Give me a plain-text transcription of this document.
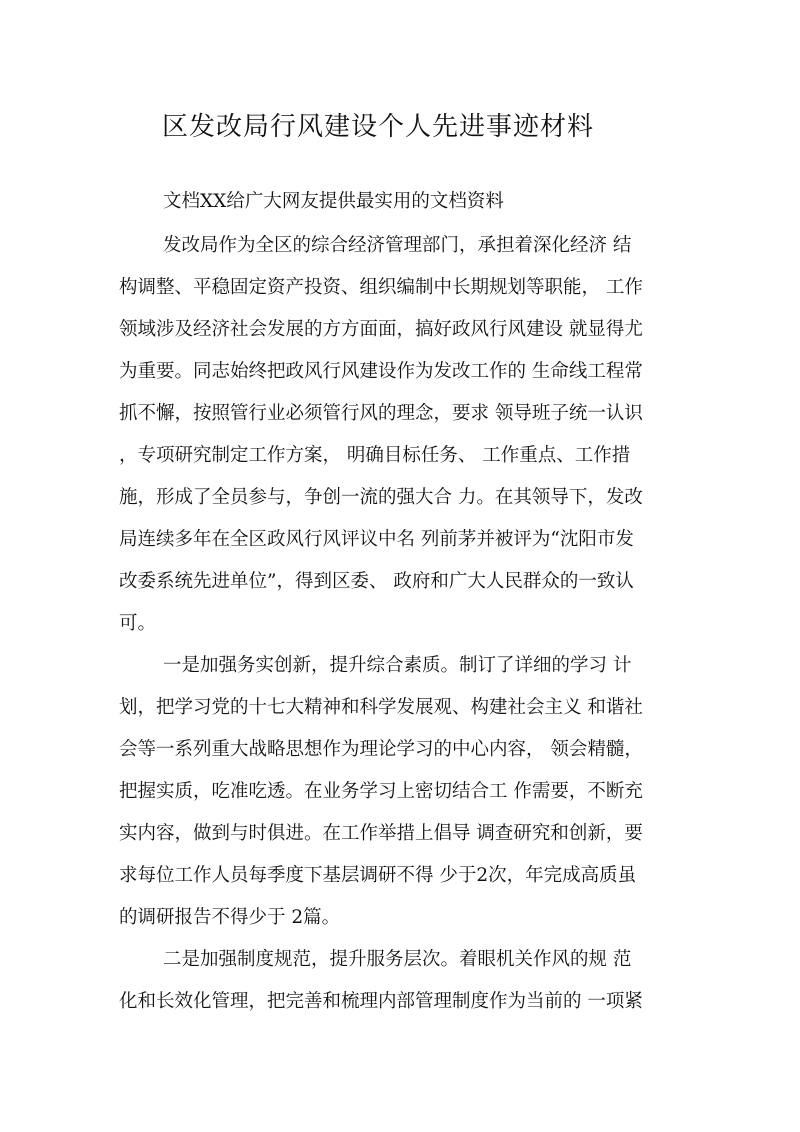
区发改局行风建设个人先进事迹材料
文档XX给广大网友提供最实用的文档资料
发改局作为全区的综合经济管理部门，承担着深化经济 结
构调整、平稳固定资产投资、组织编制中长期规划等职能， 工作
领域涉及经济社会发展的方方面面，搞好政风行风建设 就显得尤
为重要。同志始终把政风行风建设作为发改工作的 生命线工程常
抓不懈，按照管行业必须管行风的理念，要求 领导班子统一认识
，专项研究制定工作方案， 明确目标任务、 工作重点、工作措
施，形成了全员参与，争创一流的强大合 力。在其领导下，发改
局连续多年在全区政风行风评议中名 列前茅并被评为“沈阳市发
改委系统先进单位”，得到区委、 政府和广大人民群众的一致认
可。
一是加强务实创新，提升综合素质。制订了详细的学习 计
划，把学习党的十七大精神和科学发展观、构建社会主义 和谐社
会等一系列重大战略思想作为理论学习的中心内容， 领会精髓，
把握实质，吃准吃透。在业务学习上密切结合工 作需要，不断充
实内容，做到与时俱进。在工作举措上倡导 调查研究和创新，要
求每位工作人员每季度下基层调研不得 少于2次，年完成高质虽
的调研报告不得少于 2篇。
二是加强制度规范，提升服务层次。着眼机关作风的规 范
化和长效化管理，把完善和梳理内部管理制度作为当前的 一项紧
